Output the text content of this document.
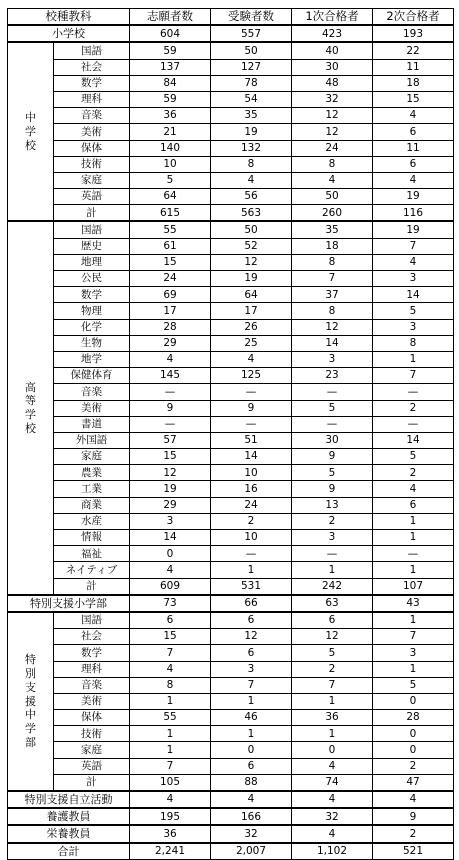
校種教科		志願者数	受験者数	1次合格者	2次合格者
小学校		604	557	423	193
中学校	国語	59	50	40	22
	社会	137	127	30	11
	数学	84	78	48	18
	理科	59	54	32	15
	音楽	36	35	12	4
	美術	21	19	12	6
	保体	140	132	24	11
	技術	10	8	8	6
	家庭	5	4	4	4
	英語	64	56	50	19
	計	615	563	260	116
高等学校	国語	55	50	35	19
	歴史	61	52	18	7
	地理	15	12	8	4
	公民	24	19	7	3
	数学	69	64	37	14
	物理	17	17	8	5
	化学	28	26	12	3
	生物	29	25	14	8
	地学	4	4	3	1
	保健体育	145	125	23	7
	音楽	—	—	—	—
	美術	9	9	5	2
	書道	—	—	—	—
	外国語	57	51	30	14
	家庭	15	14	9	5
	農業	12	10	5	2
	工業	19	16	9	4
	商業	29	24	13	6
	水産	3	2	2	1
	情報	14	10	3	1
	福祉	0	—	—	—
	ネイティブ	4	1	1	1
	計	609	531	242	107
特別支援小学部		73	66	63	43
特別支援中学部	国語	6	6	6	1
	社会	15	12	12	7
	数学	7	6	5	3
	理科	4	3	2	1
	音楽	8	7	7	5
	美術	1	1	1	0
	保体	55	46	36	28
	技術	1	1	1	0
	家庭	1	0	0	0
	英語	7	6	4	2
	計	105	88	74	47
特別支援自立活動		4	4	4	4
養護教員		195	166	32	9
栄養教員		36	32	4	2
合計		2,241	2,007	1,102	521
